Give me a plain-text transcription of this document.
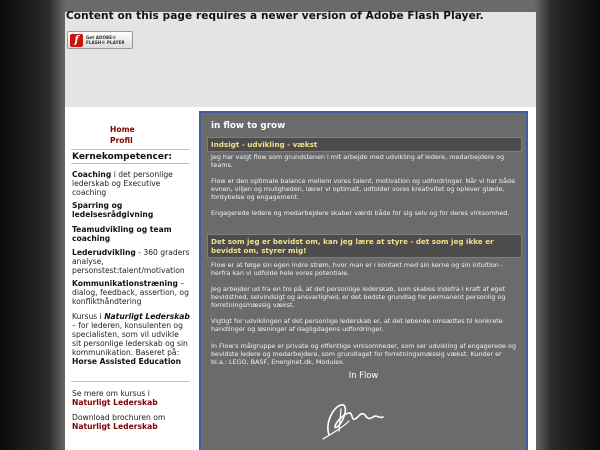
Content on this page requires a newer version of Adobe Flash Player.
f	Get ADOBE®
FLASH® PLAYER
Home
Profil
Kernekompetencer:
Coaching i det personlige lederskab og Executive coaching
Sparring og ledelsesrådgivning
Teamudvikling og team coaching
Lederudvikling - 360 graders analyse, personstest:talent/motivation
Kommunikationstræning – dialog, feedback, assertion, og konflikthåndtering
Kursus i Naturligt Lederskab – for lederen, konsulenten og specialisten, som vil udvikle sit personlige lederskab og sin kommunikation. Baseret på: Horse Assisted Education
Se mere om kursus i
Naturligt Lederskab
Download brochuren om
Naturligt Lederskab
in flow to grow
Indsigt - udvikling - vækst
Jeg har valgt flow som grundstenen i mit arbejde med udvikling af ledere, medarbejdere og teams.
Flow er den optimale balance mellem vores talent, motivation og udfordringer. Når vi har både evnen, viljen og muligheden, lærer vi optimalt, udfolder vores kreativitet og oplever glæde, fordybelse og engagement.
Engagerede ledere og medarbejdere skaber værdi både for sig selv og for deres virksomhed.
Det som jeg er bevidst om, kan jeg lære at styre - det som jeg ikke er bevidst om, styrer mig!
Flow er at følge sin egen indre strøm, hvor man er i kontakt med sin kerne og sin intuition - herfra kan vi udfolde hele vores potentiale.
Jeg arbejder ud fra en tro på, at det personlige lederskab, som skabes indefra i kraft af øget bevidsthed, selvindsigt og ansvarlighed, er det bedste grundlag for permanent personlig og forretningsmæssig vækst.
Vigtigt for udviklingen af det personlige lederskab er, at det løbende omsættes til konkrete handlinger og løsninger af dagligdagens udfordringer.
In Flow's målgruppe er private og offentlige virksomheder, som ser udvikling af engagerede og bevidste ledere og medarbejdere, som grundlaget for forretningsmæssig vækst. Kunder er bl.a.: LEGO, BASF, Energinet.dk, Modulex.
In Flow
